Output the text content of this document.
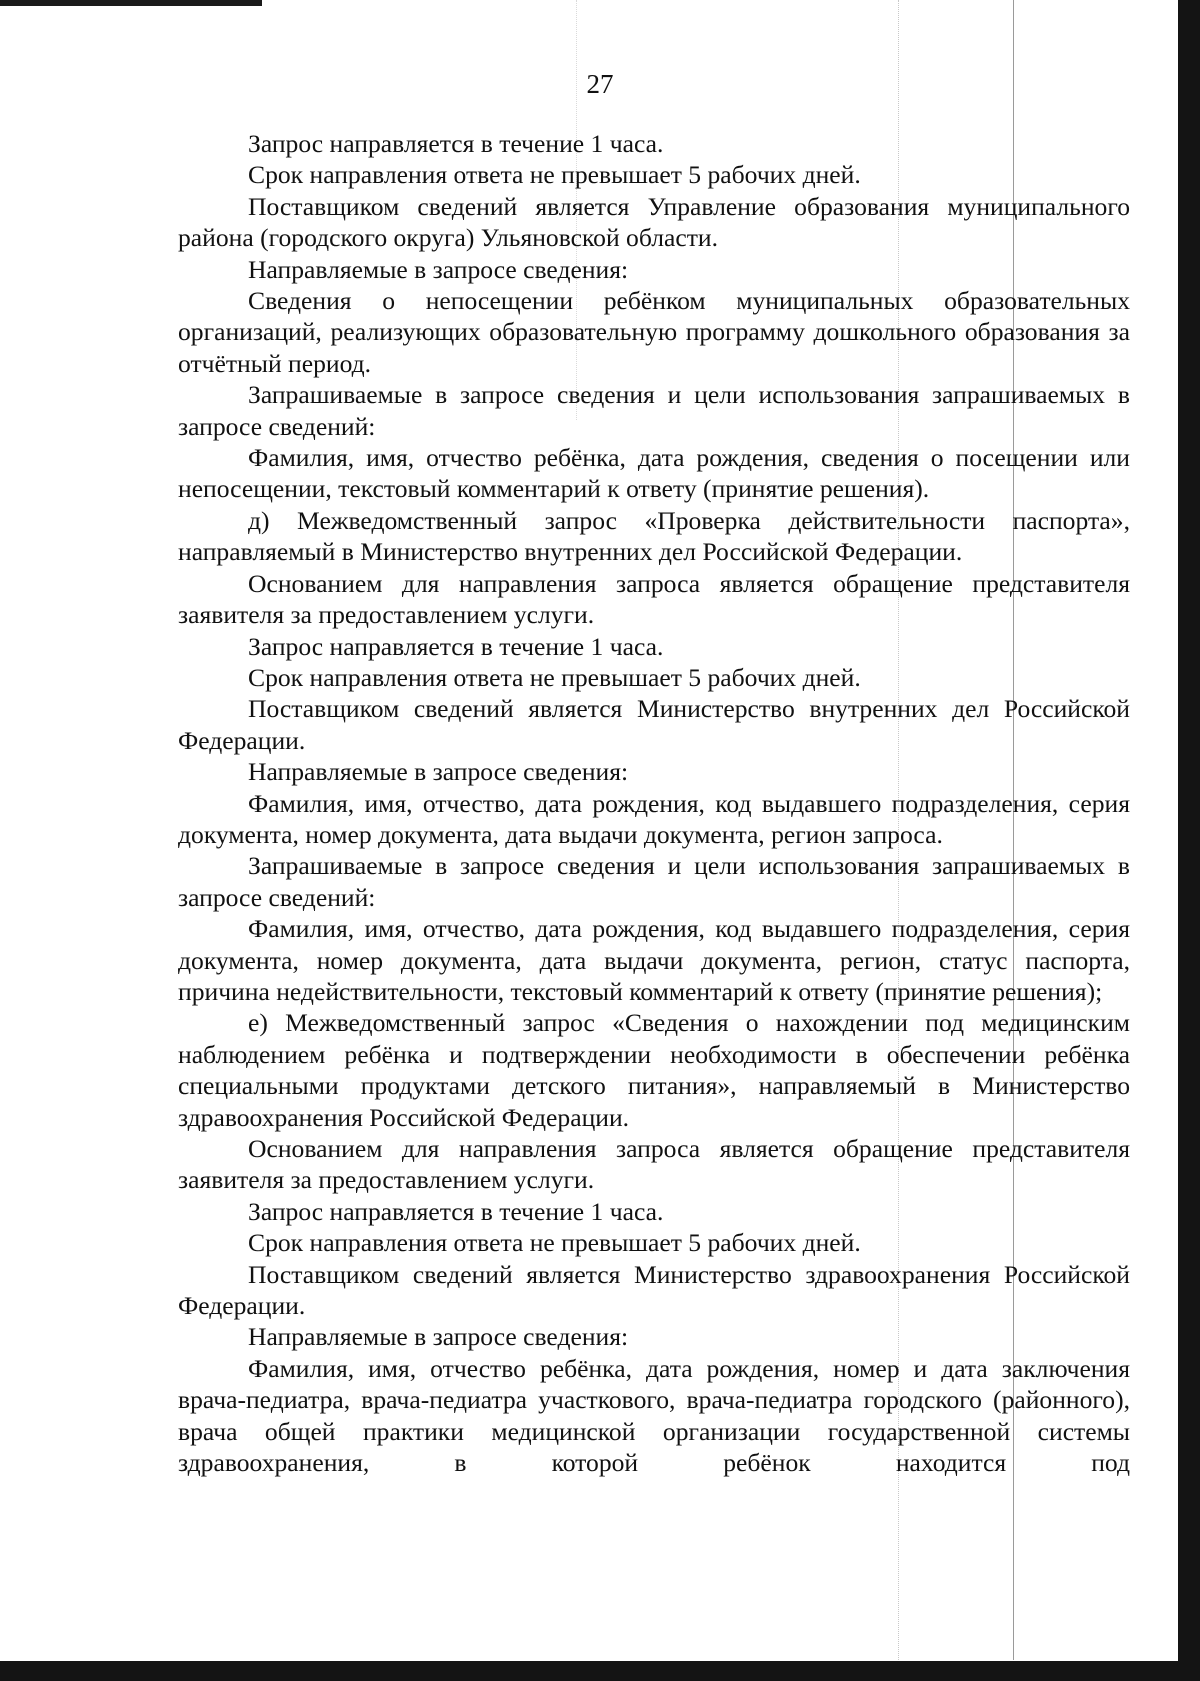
27

Запрос направляется в течение 1 часа.

Срок направления ответа не превышает 5 рабочих дней.

Поставщиком сведений является Управление образования муниципального района (городского округа) Ульяновской области.

Направляемые в запросе сведения:

Сведения о непосещении ребёнком муниципальных образовательных организаций, реализующих образовательную программу дошкольного образования за отчётный период.

Запрашиваемые в запросе сведения и цели использования запрашиваемых в запросе сведений:

Фамилия, имя, отчество ребёнка, дата рождения, сведения о посещении или непосещении, текстовый комментарий к ответу (принятие решения).

д) Межведомственный запрос «Проверка действительности паспорта», направляемый в Министерство внутренних дел Российской Федерации.

Основанием для направления запроса является обращение представителя заявителя за предоставлением услуги.

Запрос направляется в течение 1 часа.

Срок направления ответа не превышает 5 рабочих дней.

Поставщиком сведений является Министерство внутренних дел Российской Федерации.

Направляемые в запросе сведения:

Фамилия, имя, отчество, дата рождения, код выдавшего подразделения, серия документа, номер документа, дата выдачи документа, регион запроса.

Запрашиваемые в запросе сведения и цели использования запрашиваемых в запросе сведений:

Фамилия, имя, отчество, дата рождения, код выдавшего подразделения, серия документа, номер документа, дата выдачи документа, регион, статус паспорта, причина недействительности, текстовый комментарий к ответу (принятие решения);

е) Межведомственный запрос «Сведения о нахождении под медицинским наблюдением ребёнка и подтверждении необходимости в обеспечении ребёнка специальными продуктами детского питания», направляемый в Министерство здравоохранения Российской Федерации.

Основанием для направления запроса является обращение представителя заявителя за предоставлением услуги.

Запрос направляется в течение 1 часа.

Срок направления ответа не превышает 5 рабочих дней.

Поставщиком сведений является Министерство здравоохранения Российской Федерации.

Направляемые в запросе сведения:

Фамилия, имя, отчество ребёнка, дата рождения, номер и дата заключения врача-педиатра, врача-педиатра участкового, врача-педиатра городского (районного), врача общей практики медицинской организации государственной системы здравоохранения, в которой ребёнок находится под
